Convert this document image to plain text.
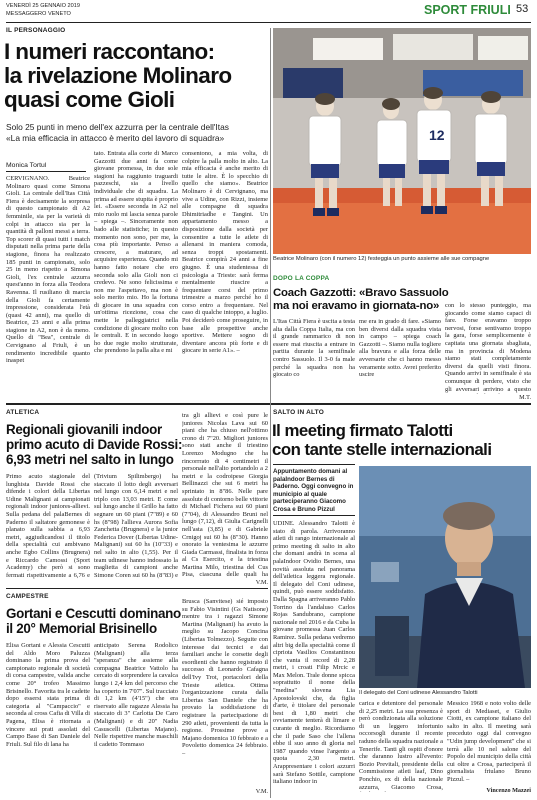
VENERDÌ 25 GENNAIO 2019
MESSAGGERO VENETO	SPORT FRIULI 53
IL PERSONAGGIO
I numeri raccontano:
la rivelazione Molinaro
quasi come Gioli
Solo 25 punti in meno dell'ex azzurra per la centrale dell'Itas
«La mia efficacia in attacco è merito del lavoro di squadra»
Monica Tortul
CERVIGNANO. Beatrice Molinaro quasi come Simona Gioli. La centrale dell'Itas Città Fiera è decisamente la sorpresa di questo campionato di A2 femminile, sia per la varietà di colpi in attacco sia per la quantità di palloni messi a terra. Top scorer di quasi tutti i match disputati nella prima parte della stagione, finora ha realizzato 185 punti in campionato, solo 25 in meno rispetto a Simona Gioli, l'ex centrale azzurra quest'anno in forza alla Teodora Ravenna. Il rusiliano di marcia della Gioli fa certamente impressione, considerata l'età (quasi 42 anni), ma quello di Beatrice, 23 anni e alla prima stagione in A2, non è da meno. Quello di "Bea", centrale di Cervignano al Friuli, è un rendimento incredibile quanto inaspet
tato. Entrata alla corte di Marco Gazzotti due anni fa come giovane promessa, in due sole stagioni ha raggiunto traguardi pazzeschi, sia a livello individuale che di squadra. La prima ad essere stupita è proprio lei. «Essere seconda in A2 nel mio ruolo mi lascia senza parole – spiega –. Sinceramente non bado alle statistiche; in questo momento non sono, per me, la cosa più importante. Penso a crescere, a maturare, ad acquisire esperienza. Quando mi hanno fatto notare che ero seconda solo alla Gioli non ci credevo. Ne sono felicissima e non me l'aspettavo, ma non è solo merito mio. Ho la fortuna di giocare in una squadra con un'ottima ricezione, cosa che mette le palleggiatrici nella condizione di giocare molto con le centrali. E in secondo luogo ho due regie molto strutturate, che prendono la palla alta e mi
consentono, a mia volta, di colpire la palla molto in alto. La mia efficacia è anche merito di tutte le altre. È lo specchio di quello che siamo». Beatrice Molinaro è di Cervignano, ma vive a Udine, con Rizzi, insieme alle compagne di squadra Dhimitriadhe e Tangini. Un appartamento messo a disposizione dalla società per consentire a tutte le atlete di allenarsi in maniera comoda, senza troppi spostamenti. Beatrice compirà 24 anni a fine giugno. È una studentessa di psicologia a Trieste: sarà ferma mentalmente riuscire a frequentare corsi del primo trimestre a marzo perché ho il corso entro a frequentare. Nel caso di qualche intoppo, a luglio. Poi deciderò come proseguire, in base alle prospettive anche sportive. Mettere sogno di diventare ancora più forte e di giocare in serie A1». –
12
Beatrice Molinaro (con il numero 12) festeggia un punto assieme alle sue compagne
DOPO LA COPPA
Coach Gazzotti: «Bravo Sassuolo
ma noi eravamo in giornata-no»
L'Itas Città Fiera è uscita a testa alta dalla Coppa Italia, ma con il grande rammarico di non essere mai riuscita a entrare in partita durante la semifinale contro Sassuolo. Il 3-0 fa male perché la squadra non ha giocato co
me era in grado di fare. «Siamo ben diversi dalla squadra vista in campo – spiega coach Gazzotti –. Siamo nulla togliere alla bravura e alla forza delle avversarie che ci hanno messo veramente sotto. Avrei preferito uscire
con lo stesso punteggio, ma giocando come siamo capaci di fare. Forse eravamo troppo nervosi, forse sentivamo troppo la gara, forse semplicemente è capitata una giornata sbagliata, ma in provincia di Modena siamo stati completamente diversi da quelli visti finora. Quando arrivi in semifinale è sta comunque di perdere, visto che gli avversari arrivino a questo
M.T.
ATLETICA
Regionali giovanili indoor
primo acuto di Davide Rossi:
6,93 metri nel salto in lungo
Primo acuto stagionale del lunghista Davide Rossi che difende i colori della Libertas Udine Malignani ai campionati regionali indoor juniores-allievi. Sulla pedana del palaBernes di Paderno il saltatore gemonese è planato sulla sabbia a 6,93 metri, aggiudicandosi il titolo della specialità cui ambivano anche Egbo Collins (Brugnera) e Riccardo Camossi (Sport Academy) che però si sono fermati rispettivamente a 6,76 e
(Trivium Spilimbergo) ha staccato il lotto degli avversari nel lungo con 6,14 metri e nel triplo con 13,03 metri. E come sul lungo anche il Grillo ha fatto segnare un 60 piani (7"89) e 60 hs (8"98) l'allieva Aurora Sofia Zanchetta (Brugnera) e la junior Federica Dover (Libertas Udine-Malignani) sui 60 hs (10"33) e nel salto in alto (1,55). Per il team udinese hanno indossato la maglietta di campioni anche Simone Coren sui 60 hs (8"83) e
tra gli allievi e così pure le juniores Nicolas Lava sui 60 piani che ha chiuso nell'ottimo crono di 7"20. Migliori juniores sono stati anche il triestino Lorenzo Modugno che ha rincorrrato di 4 centimetri il personale nell'alto portandolo a 2 metri e la codroipese Giorgia Bellinazzi che sui 6 metri ha sprintato in 8"86. Nelle pare assolute di contorno belle vittorie di Michael Fichera sui 60 piani (7"04), di Alessandro Bruni nel lungo (7,12), di Giulia Carignelli nell'asta (3,85) e di Gabriele Crnigoj sui 60 hs (8"30). Hanno onorato la ventesima le azzurre Giada Carmassi, finalista in forza al Cs Esercito, e la triestina Martina Milo, triestina del Cus Pisa, ciascuna delle quali ha
V.M.
CAMPESTRE
Gortani e Cescutti dominano
il 20° Memorial Brisinello
Elisa Gortani e Alessia Cescutti del Aldo Moro Paluzza dominano la prima prova del campionato regionale di società di corsa campestre, valida anche come 20° trofeo Massimo Brisinello. Favorita tra le cadette dopo essersi stata prima di categoria al "Campaccio" e seconda al cross Cafia di Villa di Pagena, Elisa è ritornata a vincere sui prati assolati del Campo Base di San Daniele del Friuli. Sul filo di lana ha
anticipato Serena Rodolico (Malignani) alla terza "speranza" che assieme alla compagna Beatrice Vattolo ha cercato di sorprendere la cavalca lungo i 2,4 km del percorso che ha coperto in 7'07". Sul tracciato di 1,2 km (4'15") che era riservato alle ragazze Alessia ha staccato di 3" Carlotta De Caro (Malignani) e di 20" Nadia Casuscelli (Libertas Majano). Nelle rispettive manche maschili il cadetto Tommaso
Brusca (Sanvitese) sié imposto su Fabio Visintini (Gs Natisone) mentre tra i ragazzi Simone Martina (Malignani) ha avuto la meglio su Jacopo Concina (Libertas Tolmezzo). Seguite con interesse dai tecnici e dai familiari anche le corsette degli esordienti che hanno registrato il successo di Leonardo Cafagna dell'Ivy Trot, portacolori della Trieste atletica. Ottima l'organizzazione curata dalla Libertas San Daniele che ha provato la soddisfazione di registrare la partecipazione di 290 atleti, provenienti da tutta la regione. Prossime prove a Majano domenica 10 febbraio e a Povoletto domenica 24 febbraio. –
V.M.
SALTO IN ALTO
Il meeting firmato Talotti
con tante stelle internazionali
Appuntamento domani al palaIndoor Bernes di Paderno. Oggi convegno in municipio al quale parteciperanno Giacomo Crosa e Bruno Pizzul
UDINE. Alessandro Talotti è stato di parola. Arrivoranno atleti di rango internazionale al primo meeting di salto in alto che domani andrà in scena al palaIndoor Ovidio Bernes, una novità assoluta nel panorama dell'atletica leggera regionale. Il delegato del Coni udinese, quindi, può essere soddisfatto. Dalla Spagna arriveranno Pablo Torrino da l'andaluso Carlos Rojas Sandubrano, campione nazionale nel 2016 e da Cuba la giovane promessa Juan Carlos Ramirez. Sulla pedana vedremo altri big della specialità come il cipriota Vasilios Constantinou che vanta il record di 2,28 metri, i croati Filip Mrcic e Max Melon. Trale donne spicca soprattutto il nome della "medina" slovena Lia Apostolovski che, da figlia d'arte, è titolare del personale best di 1,80 metri che ovviamente tenterà di limare e curante di meglio. Ricordiamo che il pade Saso che l'allena ebbe il suo anno di gloria nel 1987 quando vinse l'argento a quota 2,30 metri. Arappresentare i colori azzurri sarà Stefano Sottile, campione italiano indoor in
Il delegato del Coni udinese Alessandro Talotti
carica e detentore del personale di 2,25 metri. La sua presenza è però condizionata alla soluzione di un leggero infortunio occorsogli durante il recente raduno della squadra nazionale a Tenerife. Tanti gli ospiti d'onore che daranno lustro all'evento: Bozio Previtali, presidente della Commissione atleti laaf, Dino Ponchio, ex di della nazionale azzurra, Giacomo Crosa,
Messico 1968 e noto volto delle sport di Mediaset, e Giulio Ciotti, ex campione italiano del salto in alto. Il meeting sarà preceduto oggi dal convegno "Udin jump development" che si terrà alle 10 nel salone del Popolo del municipio della città cui oltre a Crosa, parteciperà il giornalista friulano Bruno Pizzul. –
Vincenzo Mazzei
